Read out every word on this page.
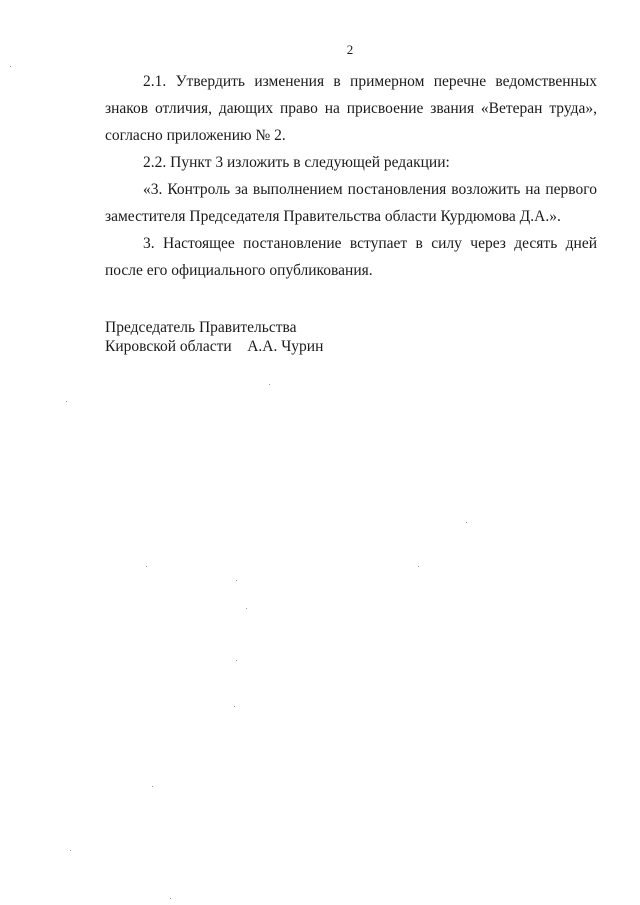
2

2.1. Утвердить изменения в примерном перечне ведомственных знаков отличия, дающих право на присвоение звания «Ветеран труда», согласно приложению № 2.

2.2. Пункт 3 изложить в следующей редакции:

«3. Контроль за выполнением постановления возложить на первого заместителя Председателя Правительства области Курдюмова Д.А.».

3. Настоящее постановление вступает в силу через десять дней после его официального опубликования.

Председатель Правительства
Кировской области А.А. Чурин
